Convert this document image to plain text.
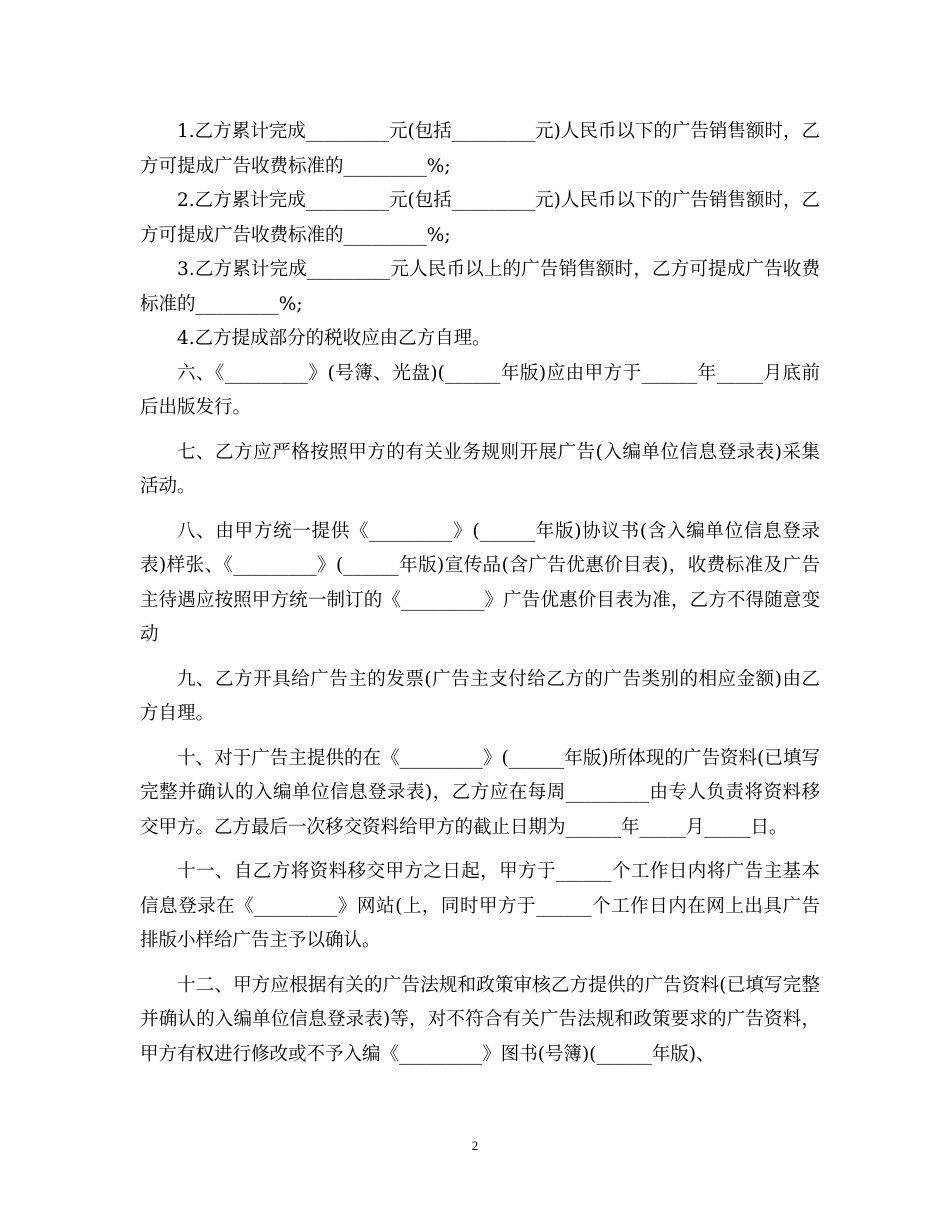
1.乙方累计完成_________元(包括_________元)人民币以下的广告销售额时，乙方可提成广告收费标准的_________%;

2.乙方累计完成_________元(包括_________元)人民币以下的广告销售额时，乙方可提成广告收费标准的_________%;

3.乙方累计完成_________元人民币以上的广告销售额时，乙方可提成广告收费标准的_________%;

4.乙方提成部分的税收应由乙方自理。

六、《_________》(号簿、光盘)(______年版)应由甲方于______年_____月底前后出版发行。

七、乙方应严格按照甲方的有关业务规则开展广告(入编单位信息登录表)采集活动。

八、由甲方统一提供《_________》(______年版)协议书(含入编单位信息登录表)样张、《_________》(______年版)宣传品(含广告优惠价目表)，收费标准及广告主待遇应按照甲方统一制订的《_________》广告优惠价目表为准，乙方不得随意变动

九、乙方开具给广告主的发票(广告主支付给乙方的广告类别的相应金额)由乙方自理。

十、对于广告主提供的在《_________》(______年版)所体现的广告资料(已填写完整并确认的入编单位信息登录表)，乙方应在每周_________由专人负责将资料移交甲方。乙方最后一次移交资料给甲方的截止日期为______年_____月_____日。

十一、自乙方将资料移交甲方之日起，甲方于______个工作日内将广告主基本信息登录在《_________》网站(上，同时甲方于______个工作日内在网上出具广告排版小样给广告主予以确认。

十二、甲方应根据有关的广告法规和政策审核乙方提供的广告资料(已填写完整并确认的入编单位信息登录表)等，对不符合有关广告法规和政策要求的广告资料，甲方有权进行修改或不予入编《_________》图书(号簿)(______年版)、

2
